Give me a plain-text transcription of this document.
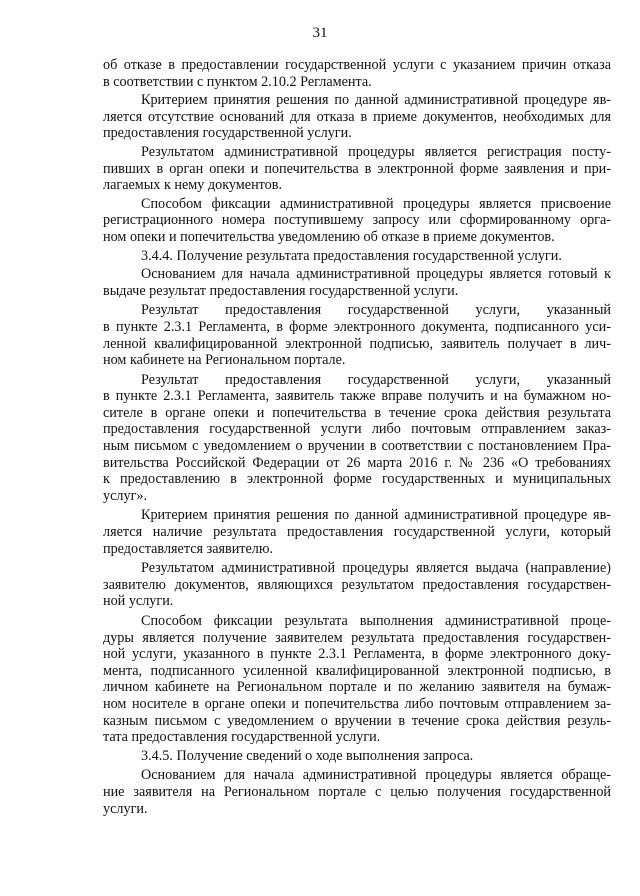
31
об отказе в предоставлении государственной услуги с указанием причин отказа
в соответствии с пунктом 2.10.2 Регламента.
Критерием принятия решения по данной административной процедуре яв-
ляется отсутствие оснований для отказа в приеме документов, необходимых для
предоставления государственной услуги.
Результатом административной процедуры является регистрация посту-
пивших в орган опеки и попечительства в электронной форме заявления и при-
лагаемых к нему документов.
Способом фиксации административной процедуры является присвоение
регистрационного номера поступившему запросу или сформированному орга-
ном опеки и попечительства уведомлению об отказе в приеме документов.
3.4.4. Получение результата предоставления государственной услуги.
Основанием для начала административной процедуры является готовый к
выдаче результат предоставления государственной услуги.
Результат предоставления государственной услуги, указанный
в пункте 2.3.1 Регламента, в форме электронного документа, подписанного уси-
ленной квалифицированной электронной подписью, заявитель получает в лич-
ном кабинете на Региональном портале.
Результат предоставления государственной услуги, указанный
в пункте 2.3.1 Регламента, заявитель также вправе получить и на бумажном но-
сителе в органе опеки и попечительства в течение срока действия результата
предоставления государственной услуги либо почтовым отправлением заказ-
ным письмом с уведомлением о вручении в соответствии с постановлением Пра-
вительства Российской Федерации от 26 марта 2016 г. № 236 «О требованиях
к предоставлению в электронной форме государственных и муниципальных
услуг».
Критерием принятия решения по данной административной процедуре яв-
ляется наличие результата предоставления государственной услуги, который
предоставляется заявителю.
Результатом административной процедуры является выдача (направление)
заявителю документов, являющихся результатом предоставления государствен-
ной услуги.
Способом фиксации результата выполнения административной проце-
дуры является получение заявителем результата предоставления государствен-
ной услуги, указанного в пункте 2.3.1 Регламента, в форме электронного доку-
мента, подписанного усиленной квалифицированной электронной подписью, в
личном кабинете на Региональном портале и по желанию заявителя на бумаж-
ном носителе в органе опеки и попечительства либо почтовым отправлением за-
казным письмом с уведомлением о вручении в течение срока действия резуль-
тата предоставления государственной услуги.
3.4.5. Получение сведений о ходе выполнения запроса.
Основанием для начала административной процедуры является обраще-
ние заявителя на Региональном портале с целью получения государственной
услуги.
